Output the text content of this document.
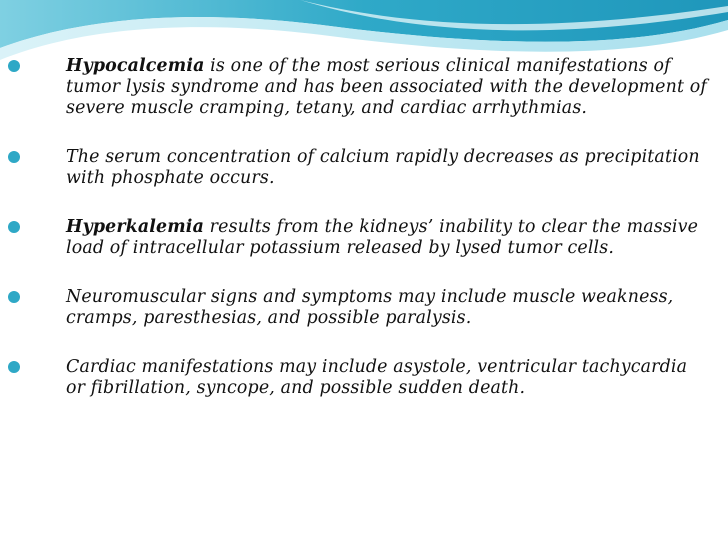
Hypocalcemia is one of the most serious clinical manifestations of tumor lysis syndrome and has been associated with the development of severe muscle cramping, tetany, and cardiac arrhythmias.
The serum concentration of calcium rapidly decreases as precipitation with phosphate occurs.
Hyperkalemia results from the kidneys’ inability to clear the massive load of intracellular potassium released by lysed tumor cells.
Neuromuscular signs and symptoms may include muscle weakness, cramps, paresthesias, and possible paralysis.
Cardiac manifestations may include asystole, ventricular tachycardia or fibrillation, syncope, and possible sudden death.
